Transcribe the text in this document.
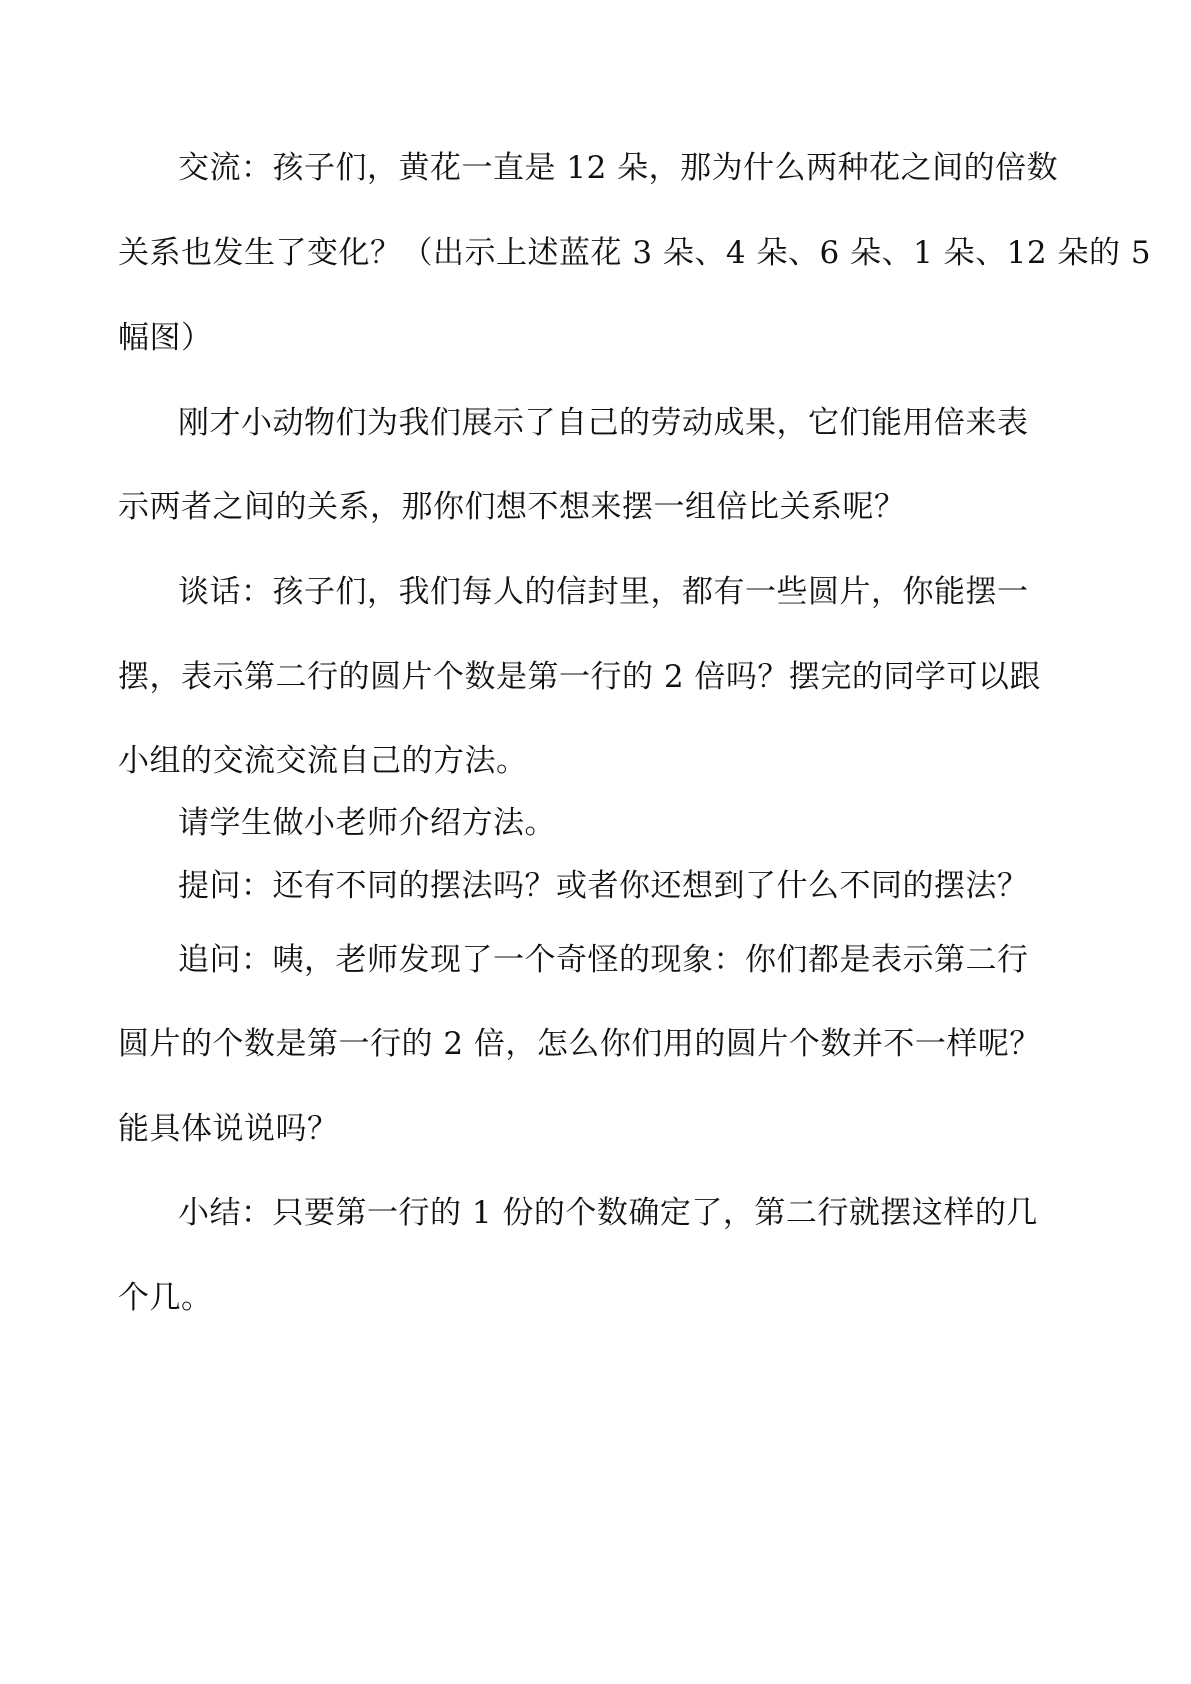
交流：孩子们，黄花一直是 12 朵，那为什么两种花之间的倍数
关系也发生了变化？（出示上述蓝花 3 朵、4 朵、6 朵、1 朵、12 朵的 5
幅图）
刚才小动物们为我们展示了自己的劳动成果，它们能用倍来表
示两者之间的关系，那你们想不想来摆一组倍比关系呢？
谈话：孩子们，我们每人的信封里，都有一些圆片，你能摆一
摆，表示第二行的圆片个数是第一行的 2 倍吗？摆完的同学可以跟
小组的交流交流自己的方法。
请学生做小老师介绍方法。
提问：还有不同的摆法吗？或者你还想到了什么不同的摆法？
追问：咦，老师发现了一个奇怪的现象：你们都是表示第二行
圆片的个数是第一行的 2 倍，怎么你们用的圆片个数并不一样呢？
能具体说说吗？
小结：只要第一行的 1 份的个数确定了，第二行就摆这样的几
个几。
